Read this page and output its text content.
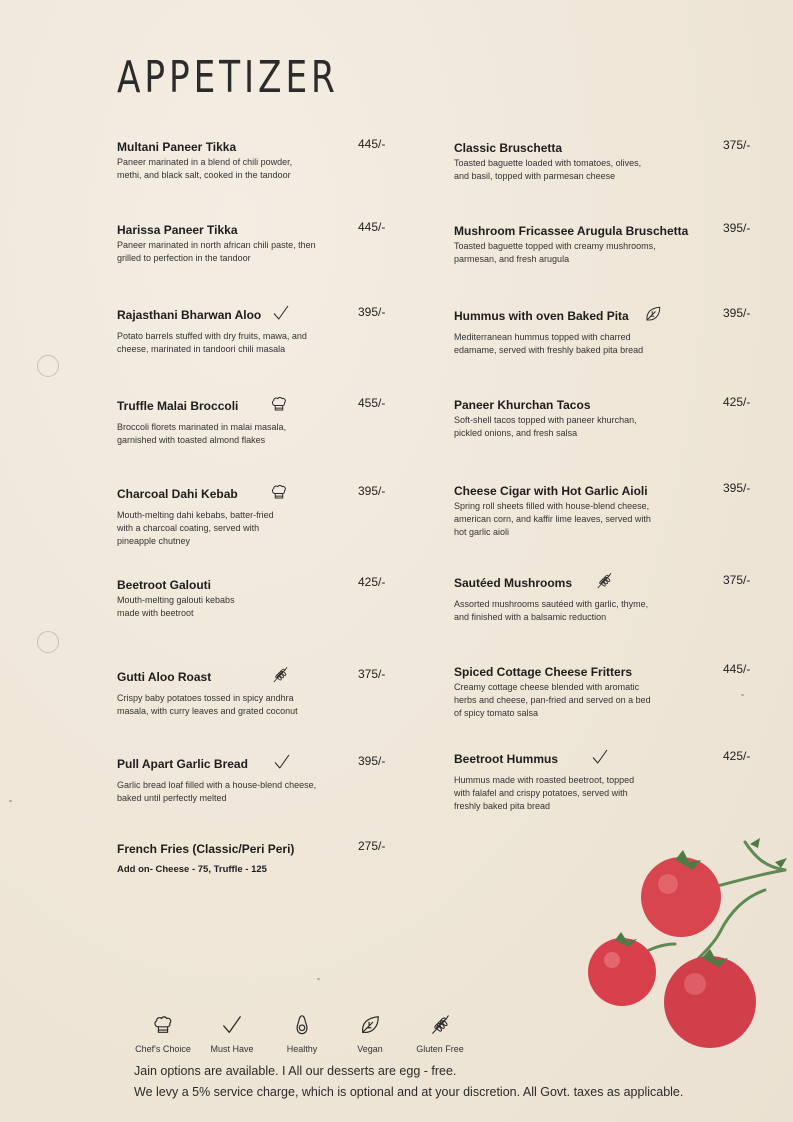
APPETIZER
Multani Paneer Tikka	445/-
Paneer marinated in a blend of chili powder,
methi, and black salt, cooked in the tandoor
Harissa Paneer Tikka	445/-
Paneer marinated in north african chili paste, then
grilled to perfection in the tandoor
Rajasthani Bharwan Aloo	395/-
Potato barrels stuffed with dry fruits, mawa, and
cheese, marinated in tandoori chili masala
Truffle Malai Broccoli	455/-
Broccoli florets marinated in malai masala,
garnished with toasted almond flakes
Charcoal Dahi Kebab	395/-
Mouth-melting dahi kebabs, batter-fried
with a charcoal coating, served with
pineapple chutney
Beetroot Galouti	425/-
Mouth-melting galouti kebabs
made with beetroot
Gutti Aloo Roast	375/-
Crispy baby potatoes tossed in spicy andhra
masala, with curry leaves and grated coconut
Pull Apart Garlic Bread	395/-
Garlic bread loaf filled with a house-blend cheese,
baked until perfectly melted
French Fries (Classic/Peri Peri)	275/-
Add on- Cheese - 75, Truffle - 125
Classic Bruschetta	375/-
Toasted baguette loaded with tomatoes, olives,
and basil, topped with parmesan cheese
Mushroom Fricassee Arugula Bruschetta	395/-
Toasted baguette topped with creamy mushrooms,
parmesan, and fresh arugula
Hummus with oven Baked Pita	395/-
Mediterranean hummus topped with charred
edamame, served with freshly baked pita bread
Paneer Khurchan Tacos	425/-
Soft-shell tacos topped with paneer khurchan,
pickled onions, and fresh salsa
Cheese Cigar with Hot Garlic Aioli	395/-
Spring roll sheets filled with house-blend cheese,
american corn, and kaffir lime leaves, served with
hot garlic aioli
Sautéed Mushrooms	375/-
Assorted mushrooms sautéed with garlic, thyme,
and finished with a balsamic reduction
Spiced Cottage Cheese Fritters	445/-
Creamy cottage cheese blended with aromatic
herbs and cheese, pan-fried and served on a bed
of spicy tomato salsa
Beetroot Hummus	425/-
Hummus made with roasted beetroot, topped
with falafel and crispy potatoes, served with
freshly baked pita bread
Chef's Choice	Must Have	Healthy	Vegan	Gluten Free
Jain options are available. I All our desserts are egg - free.
We levy a 5% service charge, which is optional and at your discretion. All Govt. taxes as applicable.
